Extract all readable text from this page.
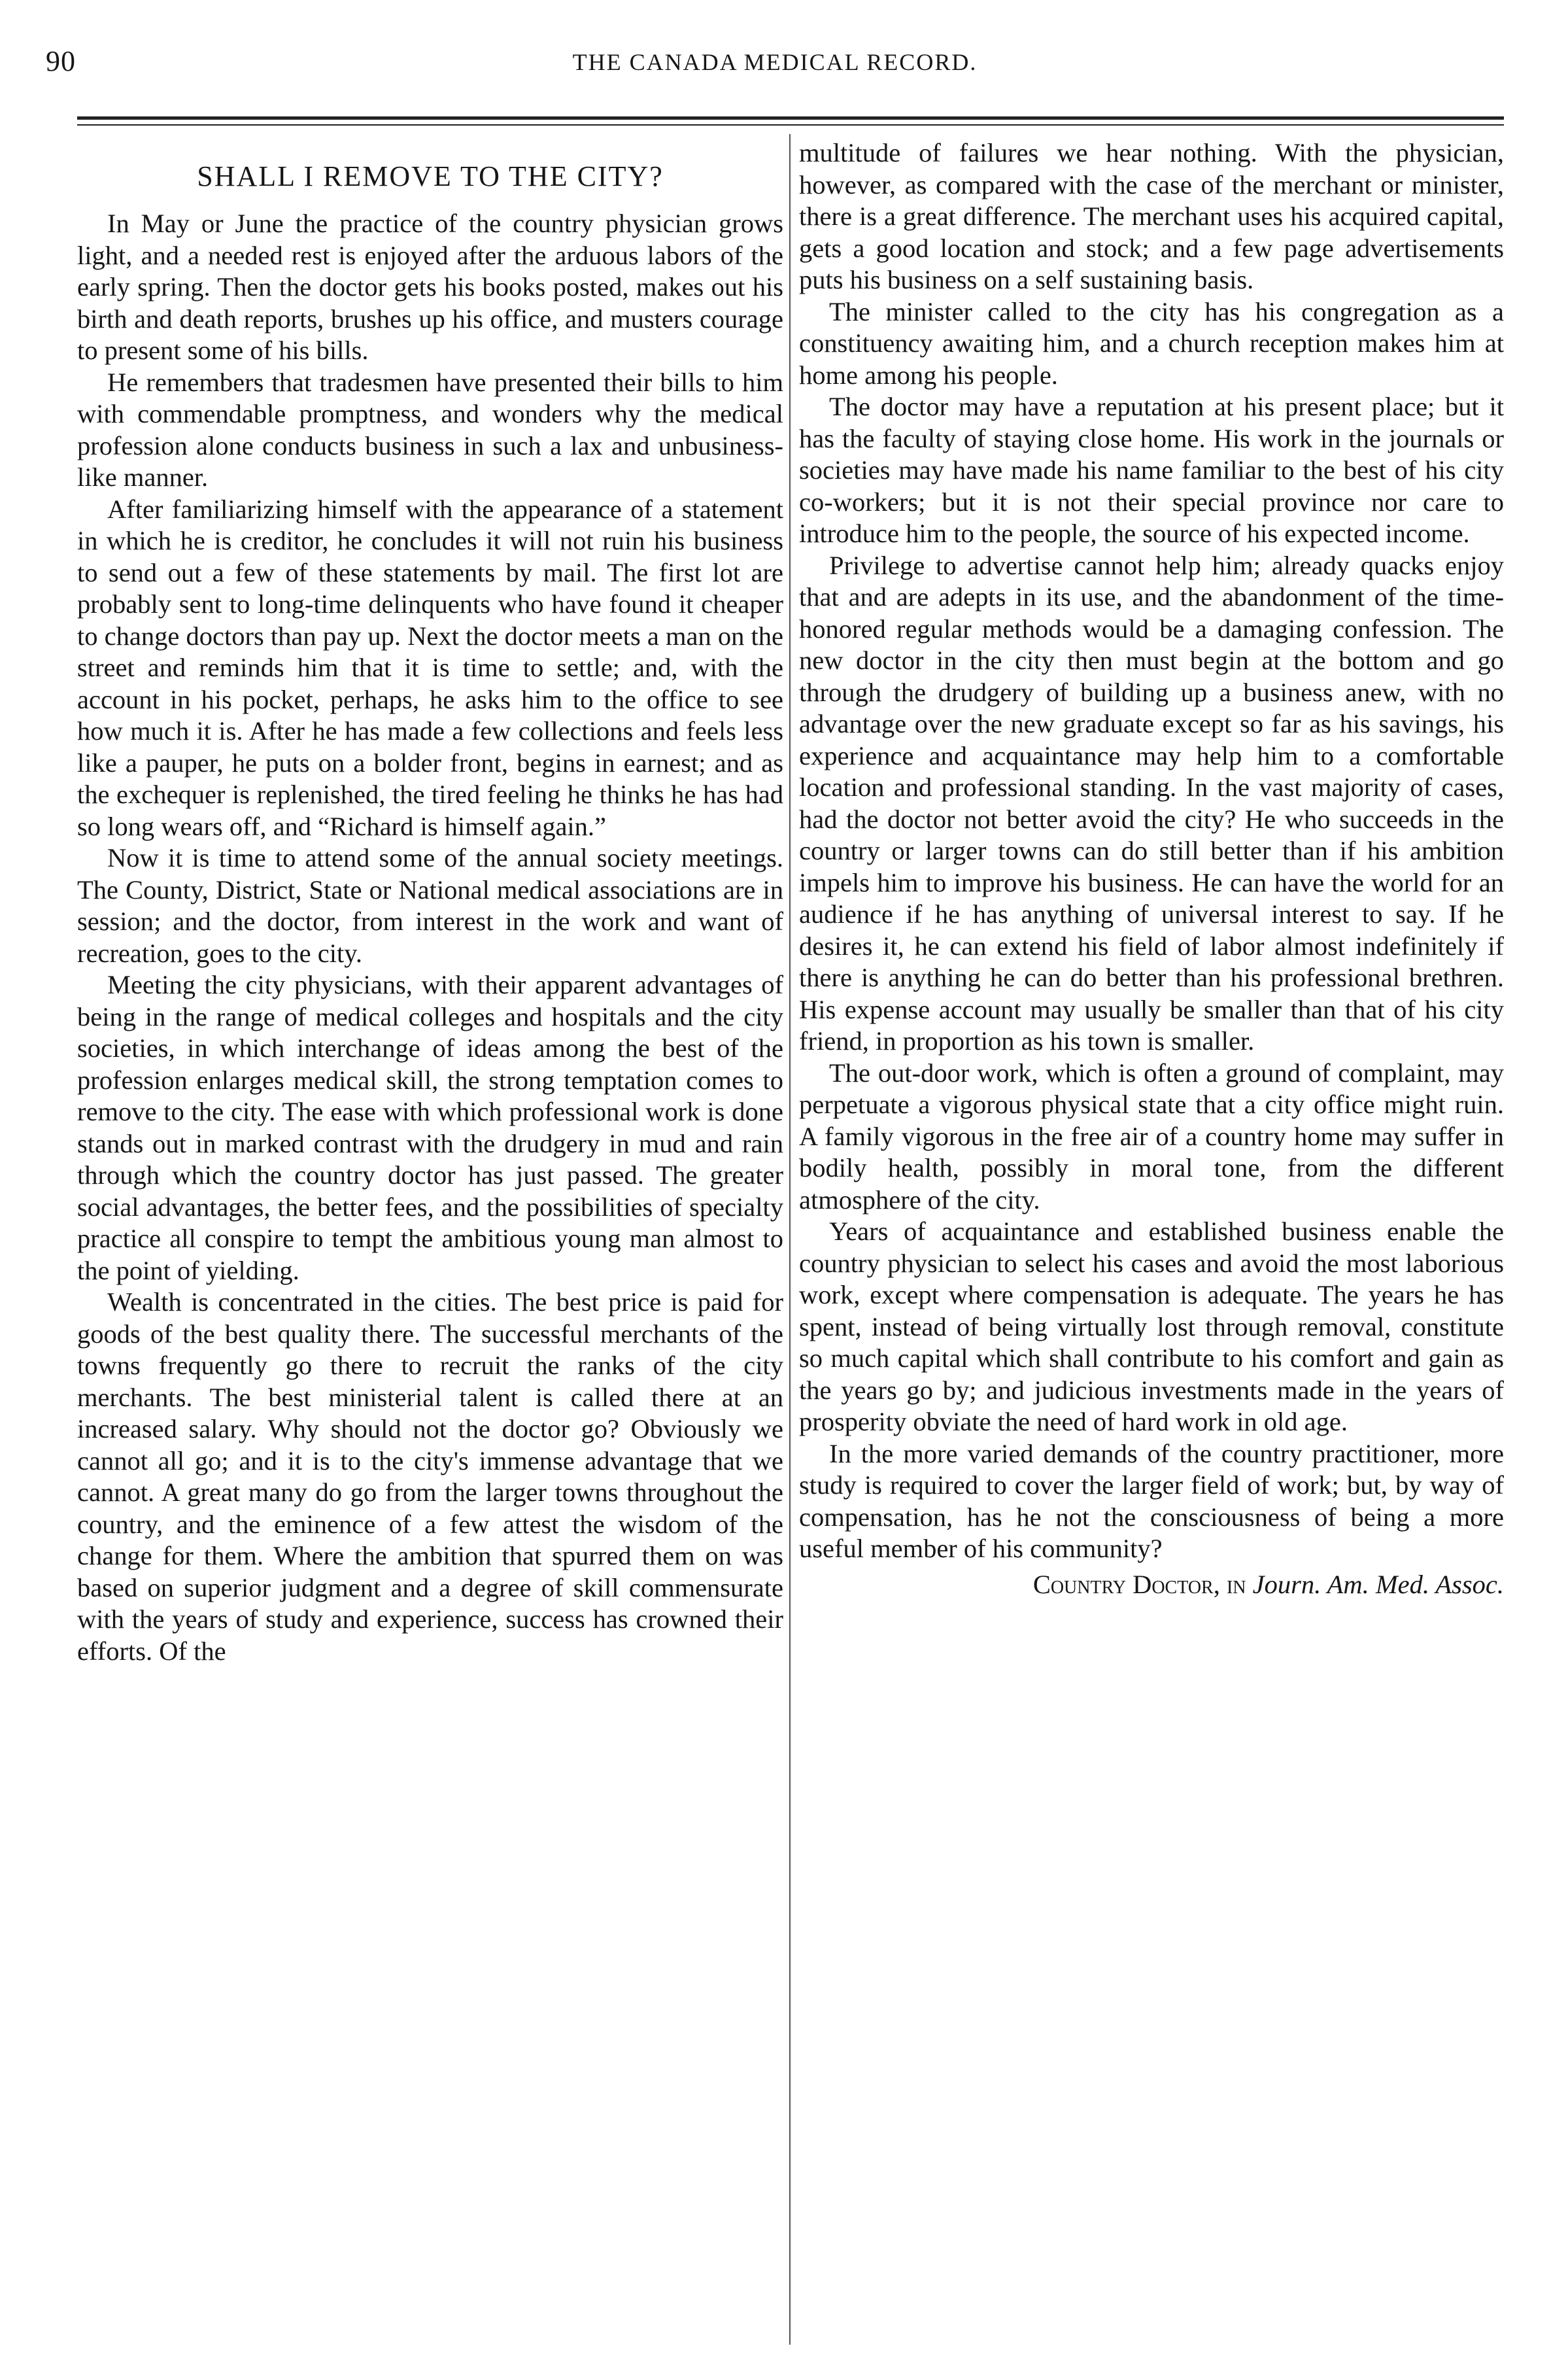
90	THE CANADA MEDICAL RECORD.
SHALL I REMOVE TO THE CITY?

In May or June the practice of the country physician grows light, and a needed rest is enjoyed after the arduous labors of the early spring. Then the doctor gets his books posted, makes out his birth and death reports, brushes up his office, and musters courage to present some of his bills.

He remembers that tradesmen have presented their bills to him with commendable promptness, and wonders why the medical profession alone conducts business in such a lax and unbusiness-like manner.

After familiarizing himself with the appearance of a statement in which he is creditor, he concludes it will not ruin his business to send out a few of these statements by mail. The first lot are probably sent to long-time delinquents who have found it cheaper to change doctors than pay up. Next the doctor meets a man on the street and reminds him that it is time to settle; and, with the account in his pocket, perhaps, he asks him to the office to see how much it is. After he has made a few collections and feels less like a pauper, he puts on a bolder front, begins in earnest; and as the exchequer is replenished, the tired feeling he thinks he has had so long wears off, and “Richard is himself again.”

Now it is time to attend some of the annual society meetings. The County, District, State or National medical associations are in session; and the doctor, from interest in the work and want of recreation, goes to the city.

Meeting the city physicians, with their apparent advantages of being in the range of medical colleges and hospitals and the city societies, in which interchange of ideas among the best of the profession enlarges medical skill, the strong temptation comes to remove to the city. The ease with which professional work is done stands out in marked contrast with the drudgery in mud and rain through which the country doctor has just passed. The greater social advantages, the better fees, and the possibilities of specialty practice all conspire to tempt the ambitious young man almost to the point of yielding.

Wealth is concentrated in the cities. The best price is paid for goods of the best quality there. The successful merchants of the towns frequently go there to recruit the ranks of the city merchants. The best ministerial talent is called there at an increased salary. Why should not the doctor go? Obviously we cannot all go; and it is to the city's immense advantage that we cannot. A great many do go from the larger towns throughout the country, and the eminence of a few attest the wisdom of the change for them. Where the ambition that spurred them on was based on superior judgment and a degree of skill commensurate with the years of study and experience, success has crowned their efforts. Of the

multitude of failures we hear nothing. With the physician, however, as compared with the case of the merchant or minister, there is a great difference. The merchant uses his acquired capital, gets a good location and stock; and a few page advertisements puts his business on a self sustaining basis.

The minister called to the city has his congregation as a constituency awaiting him, and a church reception makes him at home among his people.

The doctor may have a reputation at his present place; but it has the faculty of staying close home. His work in the journals or societies may have made his name familiar to the best of his city co-workers; but it is not their special province nor care to introduce him to the people, the source of his expected income.

Privilege to advertise cannot help him; already quacks enjoy that and are adepts in its use, and the abandonment of the time-honored regular methods would be a damaging confession. The new doctor in the city then must begin at the bottom and go through the drudgery of building up a business anew, with no advantage over the new graduate except so far as his savings, his experience and acquaintance may help him to a comfortable location and professional standing. In the vast majority of cases, had the doctor not better avoid the city? He who succeeds in the country or larger towns can do still better than if his ambition impels him to improve his business. He can have the world for an audience if he has anything of universal interest to say. If he desires it, he can extend his field of labor almost indefinitely if there is anything he can do better than his professional brethren. His expense account may usually be smaller than that of his city friend, in proportion as his town is smaller.

The out-door work, which is often a ground of complaint, may perpetuate a vigorous physical state that a city office might ruin. A family vigorous in the free air of a country home may suffer in bodily health, possibly in moral tone, from the different atmosphere of the city.

Years of acquaintance and established business enable the country physician to select his cases and avoid the most laborious work, except where compensation is adequate. The years he has spent, instead of being virtually lost through removal, constitute so much capital which shall contribute to his comfort and gain as the years go by; and judicious investments made in the years of prosperity obviate the need of hard work in old age.

In the more varied demands of the country practitioner, more study is required to cover the larger field of work; but, by way of compensation, has he not the consciousness of being a more useful member of his community?

Country Doctor, in Journ. Am. Med. Assoc.
